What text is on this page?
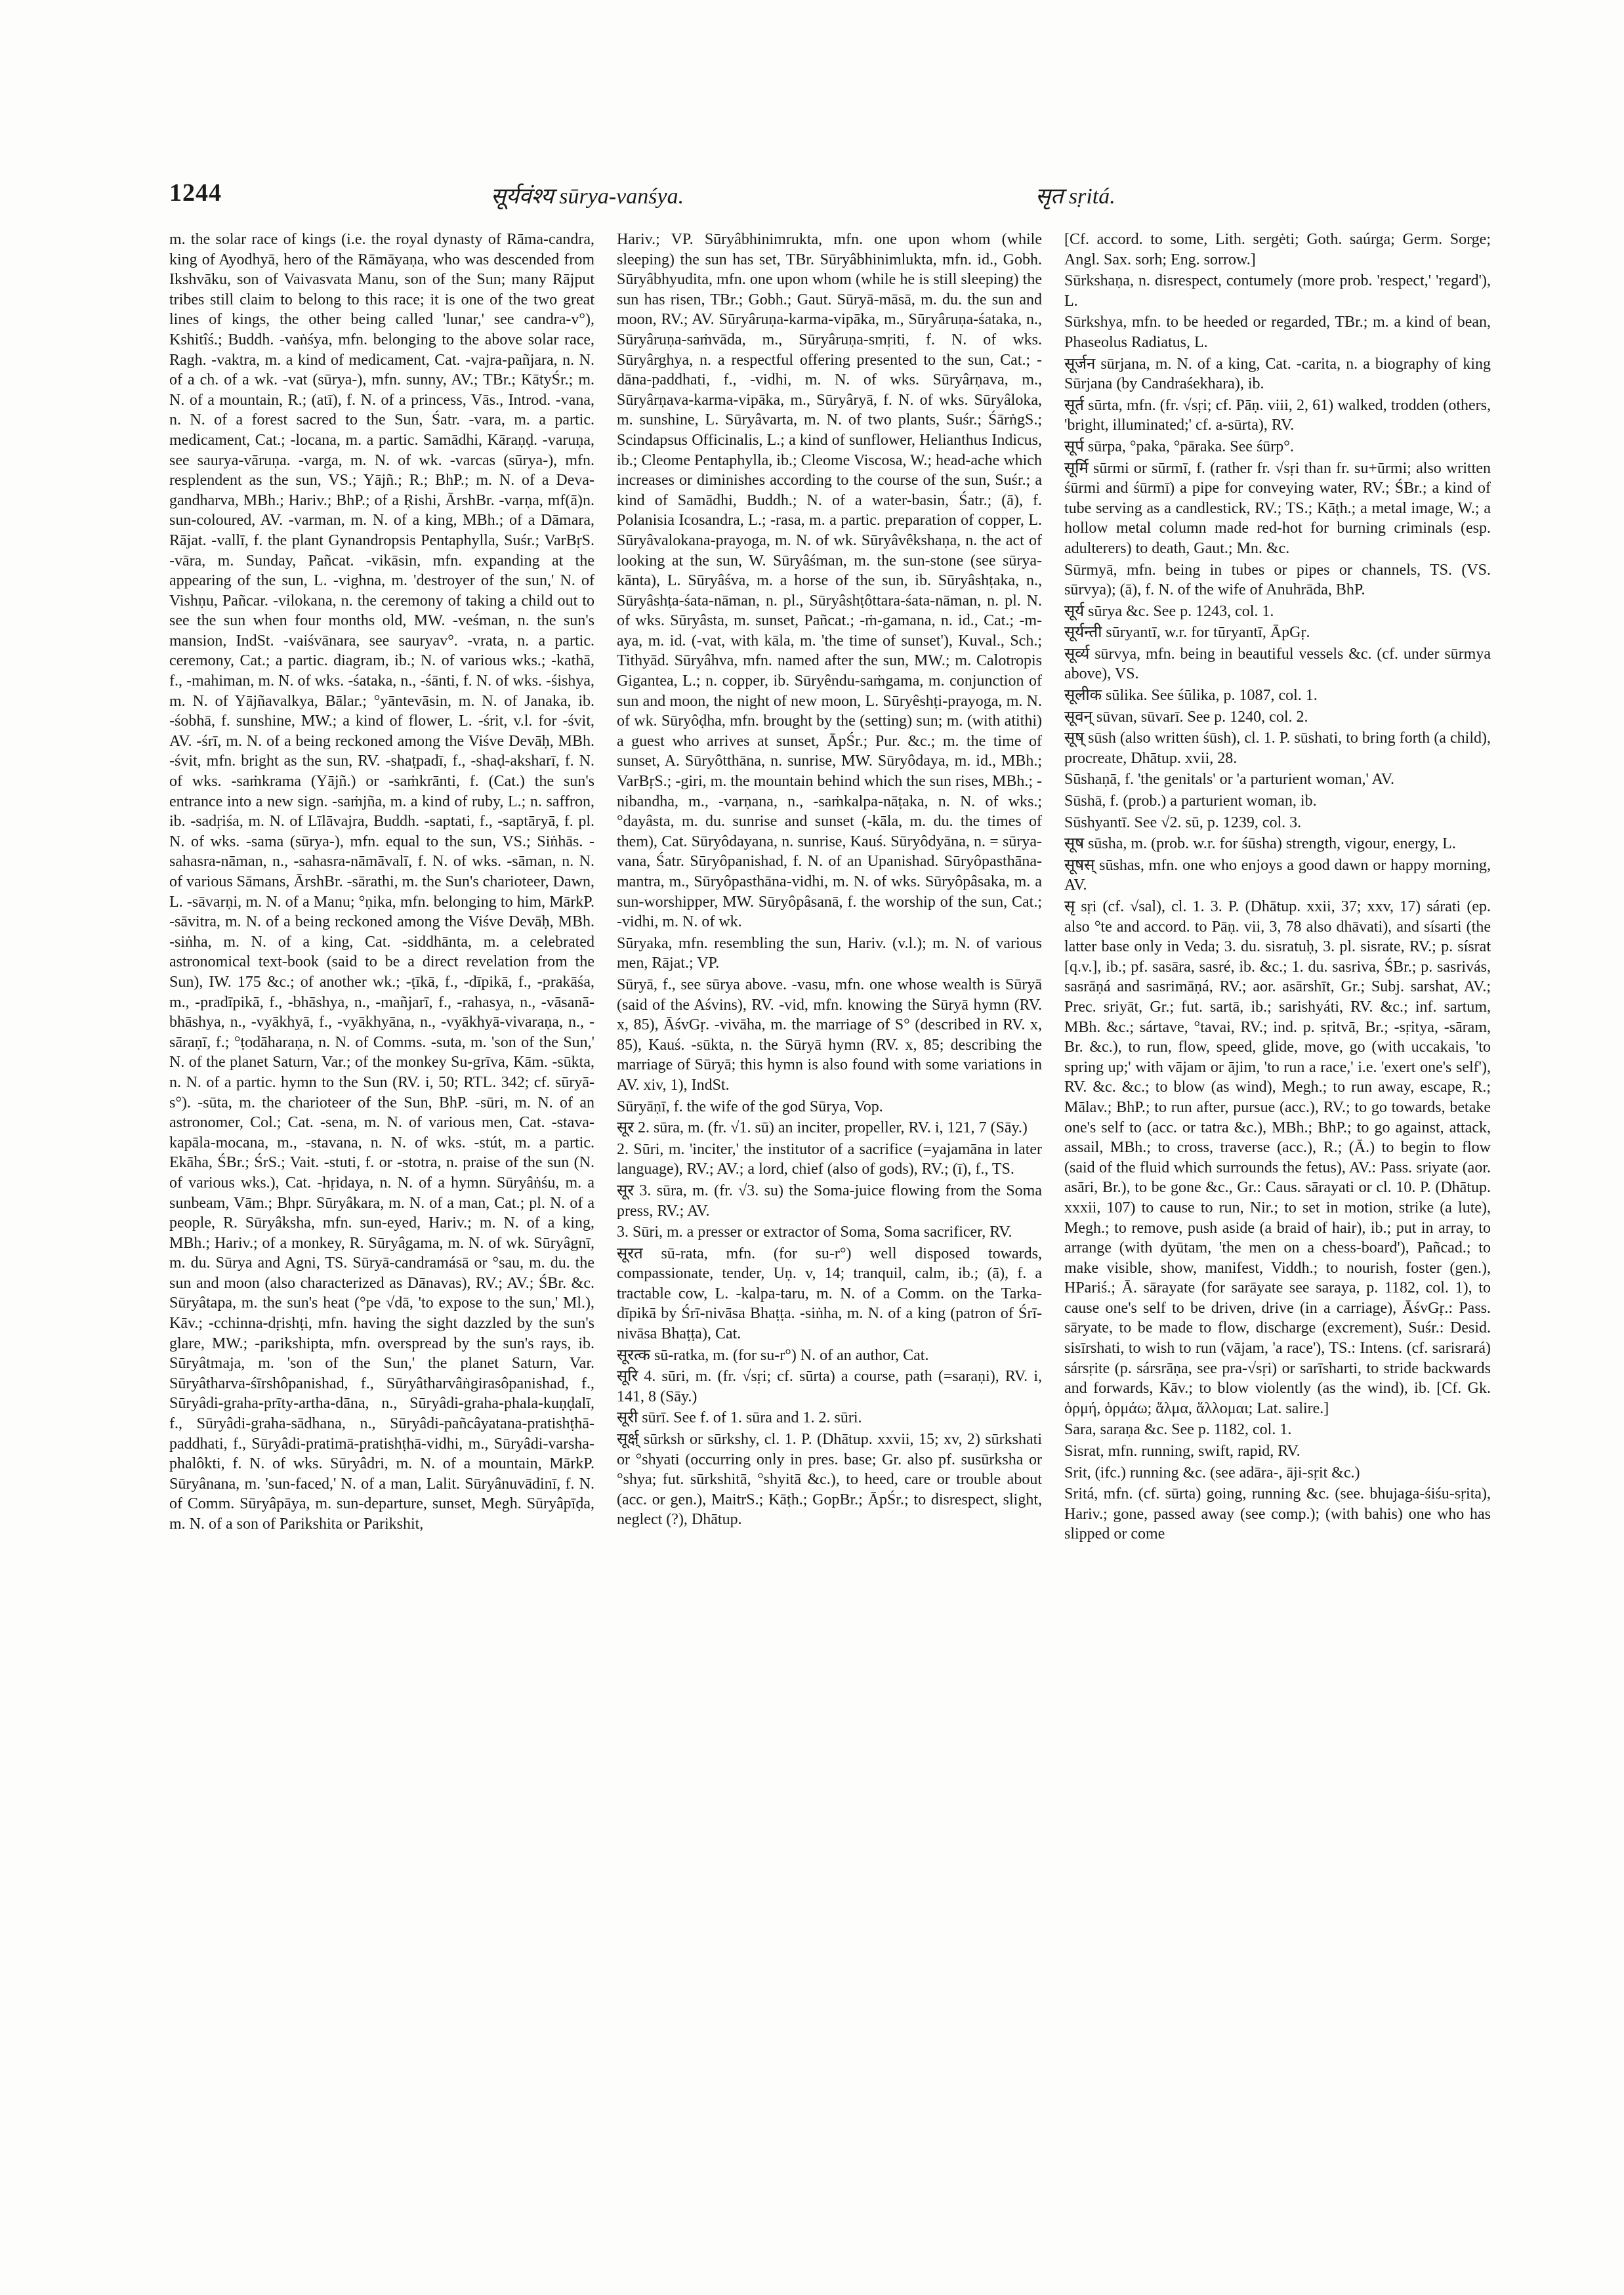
1244	सूर्यवंश्य sūrya-vanśya.	सृत sṛitá.

m. the solar race of kings (i.e. the royal dynasty of Rāma-candra, king of Ayodhyā, hero of the Rāmāyaṇa, who was descended from Ikshvāku, son of Vaivasvata Manu, son of the Sun; many Rājput tribes still claim to belong to this race; it is one of the two great lines of kings, the other being called 'lunar,' see candra-v°), Kshitîś.; Buddh. -vaṅśya, mfn. belonging to the above solar race, Ragh. -vaktra, m. a kind of medicament, Cat. -vajra-pañjara, n. N. of a ch. of a wk. -vat (sūrya-), mfn. sunny, AV.; TBr.; KātyŚr.; m. N. of a mountain, R.; (atī), f. N. of a princess, Vās., Introd. -vana, n. N. of a forest sacred to the Sun, Śatr. -vara, m. a partic. medicament, Cat.; -locana, m. a partic. Samādhi, Kāraṇḍ. -varuṇa, see saurya-vāruṇa. -varga, m. N. of wk. -varcas (sūrya-), mfn. resplendent as the sun, VS.; Yājñ.; R.; BhP.; m. N. of a Deva-gandharva, MBh.; Hariv.; BhP.; of a Ṛishi, ĀrshBr. -varṇa, mf(ā)n. sun-coloured, AV. -varman, m. N. of a king, MBh.; of a Dāmara, Rājat. -vallī, f. the plant Gynandropsis Pentaphylla, Suśr.; VarBṛS. -vāra, m. Sunday, Pañcat. -vikāsin, mfn. expanding at the appearing of the sun, L. -vighna, m. 'destroyer of the sun,' N. of Vishṇu, Pañcar. -vilokana, n. the ceremony of taking a child out to see the sun when four months old, MW. -veśman, n. the sun's mansion, IndSt. -vaiśvānara, see sauryav°. -vrata, n. a partic. ceremony, Cat.; a partic. diagram, ib.; N. of various wks.; -kathā, f., -mahiman, m. N. of wks. -śataka, n., -śānti, f. N. of wks. -śishya, m. N. of Yājñavalkya, Bālar.; °yāntevāsin, m. N. of Janaka, ib. -śobhā, f. sunshine, MW.; a kind of flower, L. -śrit, v.l. for -śvit, AV. -śrī, m. N. of a being reckoned among the Viśve Devāḥ, MBh. -śvit, mfn. bright as the sun, RV. -shaṭpadī, f., -shaḍ-aksharī, f. N. of wks. -saṁkrama (Yājñ.) or -saṁkrānti, f. (Cat.) the sun's entrance into a new sign. -saṁjña, m. a kind of ruby, L.; n. saffron, ib. -sadṛiśa, m. N. of Līlāvajra, Buddh. -saptati, f., -saptāryā, f. pl. N. of wks. -sama (sūrya-), mfn. equal to the sun, VS.; Siṅhās. -sahasra-nāman, n., -sahasra-nāmāvalī, f. N. of wks. -sāman, n. N. of various Sāmans, ĀrshBr. -sārathi, m. the Sun's charioteer, Dawn, L. -sāvarṇi, m. N. of a Manu; °ṇika, mfn. belonging to him, MārkP. -sāvitra, m. N. of a being reckoned among the Viśve Devāḥ, MBh. -siṅha, m. N. of a king, Cat. -siddhānta, m. a celebrated astronomical text-book (said to be a direct revelation from the Sun), IW. 175 &c.; of another wk.; -ṭīkā, f., -dīpikā, f., -prakāśa, m., -pradīpikā, f., -bhāshya, n., -mañjarī, f., -rahasya, n., -vāsanā-bhāshya, n., -vyākhyā, f., -vyākhyāna, n., -vyākhyā-vivaraṇa, n., -sāraṇī, f.; °ṭodāharaṇa, n. N. of Comms. -suta, m. 'son of the Sun,' N. of the planet Saturn, Var.; of the monkey Su-grīva, Kām. -sūkta, n. N. of a partic. hymn to the Sun (RV. i, 50; RTL. 342; cf. sūryā-s°). -sūta, m. the charioteer of the Sun, BhP. -sūri, m. N. of an astronomer, Col.; Cat. -sena, m. N. of various men, Cat. -stava-kapāla-mocana, m., -stavana, n. N. of wks. -stút, m. a partic. Ekāha, ŚBr.; ŚrS.; Vait. -stuti, f. or -stotra, n. praise of the sun (N. of various wks.), Cat. -hṛidaya, n. N. of a hymn. Sūryâṅśu, m. a sunbeam, Vām.; Bhpr. Sūryâkara, m. N. of a man, Cat.; pl. N. of a people, R. Sūryâksha, mfn. sun-eyed, Hariv.; m. N. of a king, MBh.; Hariv.; of a monkey, R. Sūryâgama, m. N. of wk. Sūryâgnī, m. du. Sūrya and Agni, TS. Sūryā-candramásā or °sau, m. du. the sun and moon (also characterized as Dānavas), RV.; AV.; ŚBr. &c. Sūryâtapa, m. the sun's heat (°pe √dā, 'to expose to the sun,' Ml.), Kāv.; -cchinna-dṛishṭi, mfn. having the sight dazzled by the sun's glare, MW.; -parikshipta, mfn. overspread by the sun's rays, ib. Sūryâtmaja, m. 'son of the Sun,' the planet Saturn, Var. Sūryâtharva-śīrshôpanishad, f., Sūryâtharvâṅgirasôpanishad, f., Sūryâdi-graha-prīty-artha-dāna, n., Sūryâdi-graha-phala-kuṇḍalī, f., Sūryâdi-graha-sādhana, n., Sūryâdi-pañcâyatana-pratishṭhā-paddhati, f., Sūryâdi-pratimā-pratishṭhā-vidhi, m., Sūryâdi-varsha-phalôkti, f. N. of wks. Sūryâdri, m. N. of a mountain, MārkP. Sūryânana, m. 'sun-faced,' N. of a man, Lalit. Sūryânuvādinī, f. N. of Comm. Sūryâpāya, m. sun-departure, sunset, Megh. Sūryâpīḍa, m. N. of a son of Parikshita or Parikshit,

Hariv.; VP. Sūryâbhinimrukta, mfn. one upon whom (while sleeping) the sun has set, TBr. Sūryâbhinimlukta, mfn. id., Gobh. Sūryâbhyudita, mfn. one upon whom (while he is still sleeping) the sun has risen, TBr.; Gobh.; Gaut. Sūryā-māsā, m. du. the sun and moon, RV.; AV. Sūryâruṇa-karma-vipāka, m., Sūryâruṇa-śataka, n., Sūryâruṇa-saṁvāda, m., Sūryâruṇa-smṛiti, f. N. of wks. Sūryârghya, n. a respectful offering presented to the sun, Cat.; -dāna-paddhati, f., -vidhi, m. N. of wks. Sūryârṇava, m., Sūryârṇava-karma-vipāka, m., Sūryâryā, f. N. of wks. Sūryâloka, m. sunshine, L. Sūryâvarta, m. N. of two plants, Suśr.; ŚārṅgS.; Scindapsus Officinalis, L.; a kind of sunflower, Helianthus Indicus, ib.; Cleome Pentaphylla, ib.; Cleome Viscosa, W.; head-ache which increases or diminishes according to the course of the sun, Suśr.; a kind of Samādhi, Buddh.; N. of a water-basin, Śatr.; (ā), f. Polanisia Icosandra, L.; -rasa, m. a partic. preparation of copper, L. Sūryâvalokana-prayoga, m. N. of wk. Sūryâvêkshaṇa, n. the act of looking at the sun, W. Sūryâśman, m. the sun-stone (see sūrya-kānta), L. Sūryâśva, m. a horse of the sun, ib. Sūryâshṭaka, n., Sūryâshṭa-śata-nāman, n. pl., Sūryâshṭôttara-śata-nāman, n. pl. N. of wks. Sūryâsta, m. sunset, Pañcat.; -ṁ-gamana, n. id., Cat.; -m-aya, m. id. (-vat, with kāla, m. 'the time of sunset'), Kuval., Sch.; Tithyād. Sūryâhva, mfn. named after the sun, MW.; m. Calotropis Gigantea, L.; n. copper, ib. Sūryêndu-saṁgama, m. conjunction of sun and moon, the night of new moon, L. Sūryêshṭi-prayoga, m. N. of wk. Sūryôḍha, mfn. brought by the (setting) sun; m. (with atithi) a guest who arrives at sunset, ĀpŚr.; Pur. &c.; m. the time of sunset, A. Sūryôtthāna, n. sunrise, MW. Sūryôdaya, m. id., MBh.; VarBṛS.; -giri, m. the mountain behind which the sun rises, MBh.; -nibandha, m., -varṇana, n., -saṁkalpa-nāṭaka, n. N. of wks.; °dayâsta, m. du. sunrise and sunset (-kāla, m. du. the times of them), Cat. Sūryôdayana, n. sunrise, Kauś. Sūryôdyāna, n. = sūrya-vana, Śatr. Sūryôpanishad, f. N. of an Upanishad. Sūryôpasthāna-mantra, m., Sūryôpasthāna-vidhi, m. N. of wks. Sūryôpâsaka, m. a sun-worshipper, MW. Sūryôpâsanā, f. the worship of the sun, Cat.; -vidhi, m. N. of wk.

Sūryaka, mfn. resembling the sun, Hariv. (v.l.); m. N. of various men, Rājat.; VP.

Sūryā, f., see sūrya above. -vasu, mfn. one whose wealth is Sūryā (said of the Aśvins), RV. -vid, mfn. knowing the Sūryā hymn (RV. x, 85), ĀśvGṛ. -vivāha, m. the marriage of S° (described in RV. x, 85), Kauś. -sūkta, n. the Sūryā hymn (RV. x, 85; describing the marriage of Sūryā; this hymn is also found with some variations in AV. xiv, 1), IndSt.

Sūryāṇī, f. the wife of the god Sūrya, Vop.

सूर 2. sūra, m. (fr. √1. sū) an inciter, propeller, RV. i, 121, 7 (Sāy.)

2. Sūri, m. 'inciter,' the institutor of a sacrifice (=yajamāna in later language), RV.; AV.; a lord, chief (also of gods), RV.; (ī), f., TS.

सूर 3. sūra, m. (fr. √3. su) the Soma-juice flowing from the Soma press, RV.; AV.

3. Sūri, m. a presser or extractor of Soma, Soma sacrificer, RV.

सूरत sū-rata, mfn. (for su-r°) well disposed towards, compassionate, tender, Uṇ. v, 14; tranquil, calm, ib.; (ā), f. a tractable cow, L. -kalpa-taru, m. N. of a Comm. on the Tarka-dīpikā by Śrī-nivāsa Bhaṭṭa. -siṅha, m. N. of a king (patron of Śrī-nivāsa Bhaṭṭa), Cat.

सूरत्क sū-ratka, m. (for su-r°) N. of an author, Cat.

सूरि 4. sūri, m. (fr. √sṛi; cf. sūrta) a course, path (=saraṇi), RV. i, 141, 8 (Sāy.)

सूरी sūrī. See f. of 1. sūra and 1. 2. sūri.

सूर्क्ष् sūrksh or sūrkshy, cl. 1. P. (Dhātup. xxvii, 15; xv, 2) sūrkshati or °shyati (occurring only in pres. base; Gr. also pf. susūrksha or °shya; fut. sūrkshitā, °shyitā &c.), to heed, care or trouble about (acc. or gen.), MaitrS.; Kāṭh.; GopBr.; ĀpŚr.; to disrespect, slight, neglect (?), Dhātup.

[Cf. accord. to some, Lith. sergėti; Goth. saúrga; Germ. Sorge; Angl. Sax. sorh; Eng. sorrow.]

Sūrkshaṇa, n. disrespect, contumely (more prob. 'respect,' 'regard'), L.

Sūrkshya, mfn. to be heeded or regarded, TBr.; m. a kind of bean, Phaseolus Radiatus, L.

सूर्जन sūrjana, m. N. of a king, Cat. -carita, n. a biography of king Sūrjana (by Candraśekhara), ib.

सूर्त sūrta, mfn. (fr. √sṛi; cf. Pāṇ. viii, 2, 61) walked, trodden (others, 'bright, illuminated;' cf. a-sūrta), RV.

सूर्प sūrpa, °paka, °pāraka. See śūrp°.

सूर्मि sūrmi or sūrmī, f. (rather fr. √sṛi than fr. su+ūrmi; also written śūrmi and śūrmī) a pipe for conveying water, RV.; ŚBr.; a kind of tube serving as a candlestick, RV.; TS.; Kāṭh.; a metal image, W.; a hollow metal column made red-hot for burning criminals (esp. adulterers) to death, Gaut.; Mn. &c.

Sūrmyā, mfn. being in tubes or pipes or channels, TS. (VS. sūrvya); (ā), f. N. of the wife of Anuhrāda, BhP.

सूर्य sūrya &c. See p. 1243, col. 1.

सूर्यन्ती sūryantī, w.r. for tūryantī, ĀpGṛ.

सूर्व्य sūrvya, mfn. being in beautiful vessels &c. (cf. under sūrmya above), VS.

सूलीक sūlika. See śūlika, p. 1087, col. 1.

सूवन् sūvan, sūvarī. See p. 1240, col. 2.

सूष् sūsh (also written śūsh), cl. 1. P. sūshati, to bring forth (a child), procreate, Dhātup. xvii, 28.

Sūshaṇā, f. 'the genitals' or 'a parturient woman,' AV.

Sūshā, f. (prob.) a parturient woman, ib.

Sūshyantī. See √2. sū, p. 1239, col. 3.

सूष sūsha, m. (prob. w.r. for śūsha) strength, vigour, energy, L.

सूषस् sūshas, mfn. one who enjoys a good dawn or happy morning, AV.

सृ sṛi (cf. √sal), cl. 1. 3. P. (Dhātup. xxii, 37; xxv, 17) sárati (ep. also °te and accord. to Pāṇ. vii, 3, 78 also dhāvati), and sísarti (the latter base only in Veda; 3. du. sisratuḥ, 3. pl. sisrate, RV.; p. sísrat [q.v.], ib.; pf. sasāra, sasré, ib. &c.; 1. du. sasriva, ŚBr.; p. sasrivás, sasrāṇá and sasrimāṇá, RV.; aor. asārshīt, Gr.; Subj. sarshat, AV.; Prec. sriyāt, Gr.; fut. sartā, ib.; sarishyáti, RV. &c.; inf. sartum, MBh. &c.; sártave, °tavai, RV.; ind. p. sṛitvā, Br.; -sṛitya, -sāram, Br. &c.), to run, flow, speed, glide, move, go (with uccakais, 'to spring up;' with vājam or ājim, 'to run a race,' i.e. 'exert one's self'), RV. &c. &c.; to blow (as wind), Megh.; to run away, escape, R.; Mālav.; BhP.; to run after, pursue (acc.), RV.; to go towards, betake one's self to (acc. or tatra &c.), MBh.; BhP.; to go against, attack, assail, MBh.; to cross, traverse (acc.), R.; (Ā.) to begin to flow (said of the fluid which surrounds the fetus), AV.: Pass. sriyate (aor. asāri, Br.), to be gone &c., Gr.: Caus. sārayati or cl. 10. P. (Dhātup. xxxii, 107) to cause to run, Nir.; to set in motion, strike (a lute), Megh.; to remove, push aside (a braid of hair), ib.; put in array, to arrange (with dyūtam, 'the men on a chess-board'), Pañcad.; to make visible, show, manifest, Viddh.; to nourish, foster (gen.), HPariś.; Ā. sārayate (for sarāyate see saraya, p. 1182, col. 1), to cause one's self to be driven, drive (in a carriage), ĀśvGṛ.: Pass. sāryate, to be made to flow, discharge (excrement), Suśr.: Desid. sisīrshati, to wish to run (vājam, 'a race'), TS.: Intens. (cf. sarisrará) sársṛite (p. sársrāṇa, see pra-√sṛi) or sarīsharti, to stride backwards and forwards, Kāv.; to blow violently (as the wind), ib. [Cf. Gk. ὁρμή, ὁρμάω; ἅλμα, ἅλλομαι; Lat. salire.]

Sara, saraṇa &c. See p. 1182, col. 1.

Sisrat, mfn. running, swift, rapid, RV.

Srit, (ifc.) running &c. (see adāra-, āji-sṛit &c.)

Sritá, mfn. (cf. sūrta) going, running &c. (see. bhujaga-śiśu-sṛita), Hariv.; gone, passed away (see comp.); (with bahis) one who has slipped or come
